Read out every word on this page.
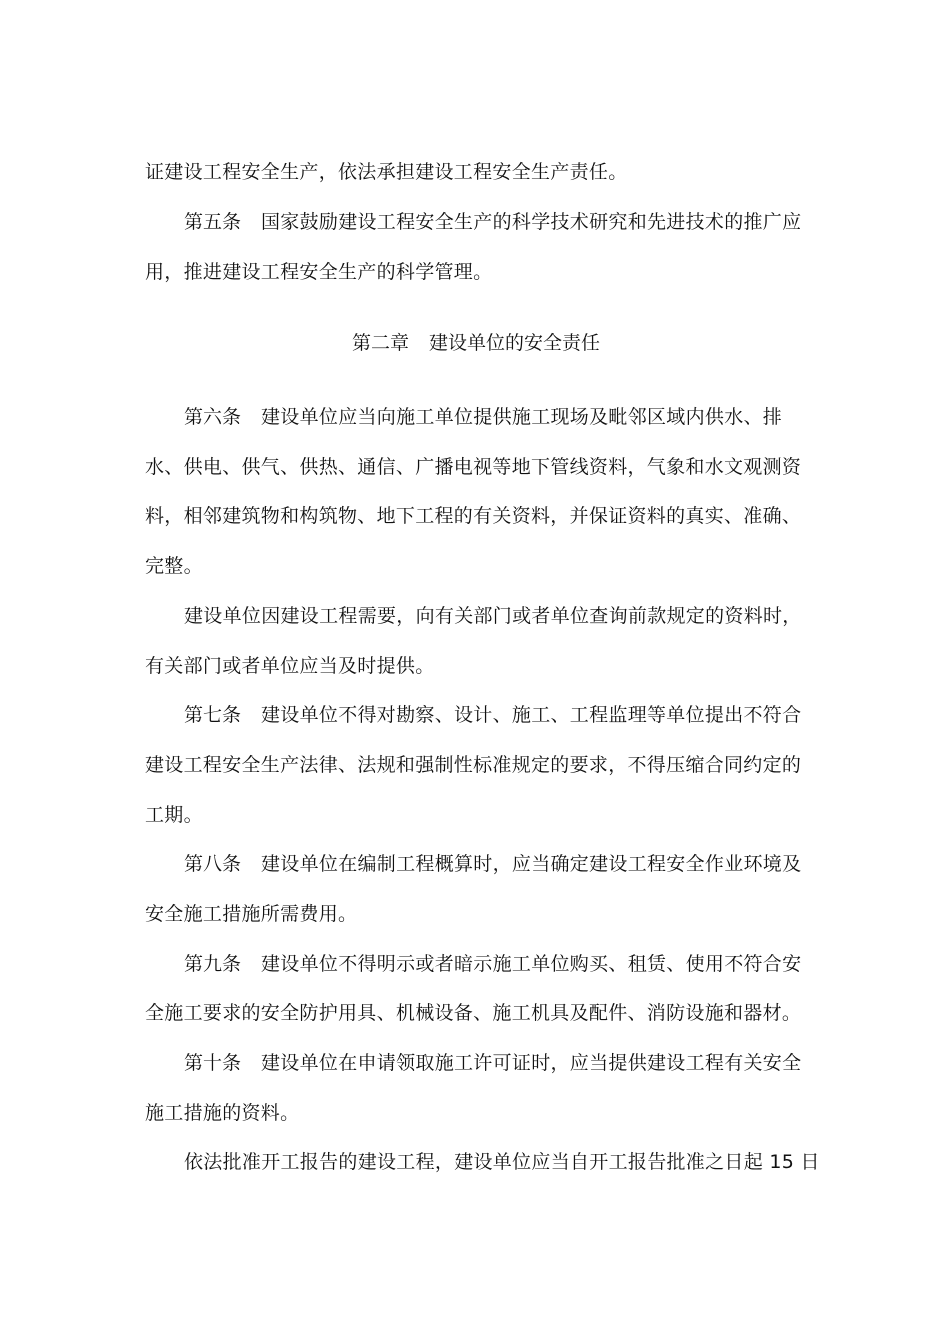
证建设工程安全生产，依法承担建设工程安全生产责任。
第五条 国家鼓励建设工程安全生产的科学技术研究和先进技术的推广应
用，推进建设工程安全生产的科学管理。
第二章 建设单位的安全责任
第六条 建设单位应当向施工单位提供施工现场及毗邻区域内供水、排
水、供电、供气、供热、通信、广播电视等地下管线资料，气象和水文观测资
料，相邻建筑物和构筑物、地下工程的有关资料，并保证资料的真实、准确、
完整。
建设单位因建设工程需要，向有关部门或者单位查询前款规定的资料时，
有关部门或者单位应当及时提供。
第七条 建设单位不得对勘察、设计、施工、工程监理等单位提出不符合
建设工程安全生产法律、法规和强制性标准规定的要求，不得压缩合同约定的
工期。
第八条 建设单位在编制工程概算时，应当确定建设工程安全作业环境及
安全施工措施所需费用。
第九条 建设单位不得明示或者暗示施工单位购买、租赁、使用不符合安
全施工要求的安全防护用具、机械设备、施工机具及配件、消防设施和器材。
第十条 建设单位在申请领取施工许可证时，应当提供建设工程有关安全
施工措施的资料。
依法批准开工报告的建设工程，建设单位应当自开工报告批准之日起 15 日
